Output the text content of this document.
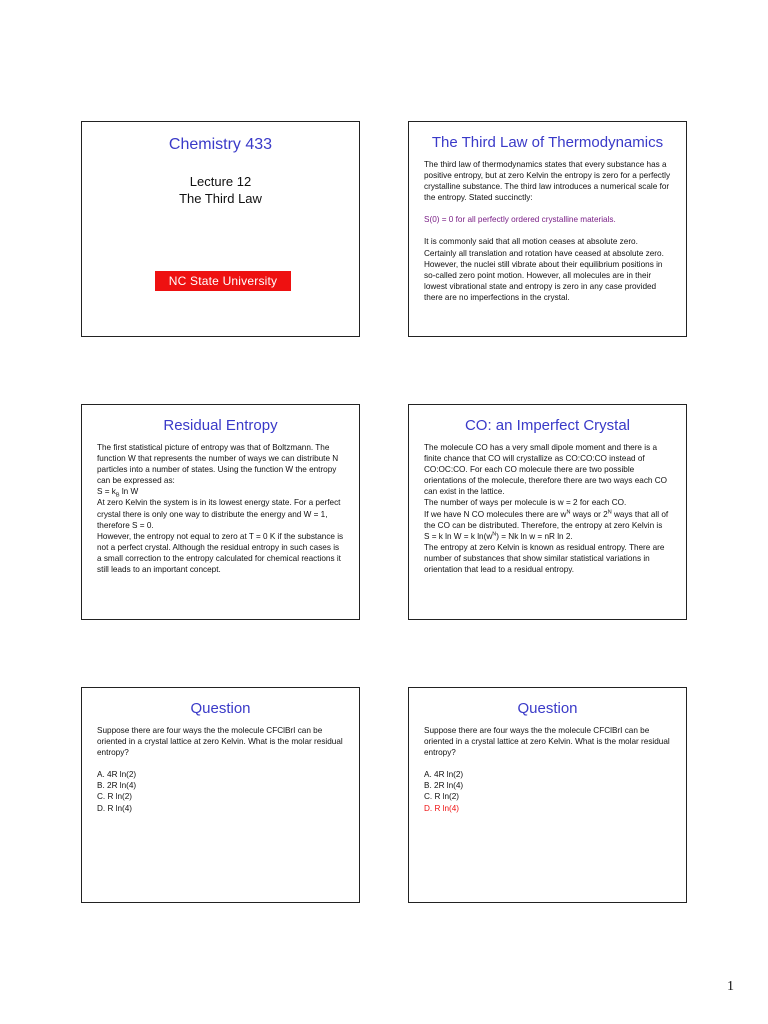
Chemistry 433
Lecture 12
The Third Law
NC State University
The Third Law of Thermodynamics

The third law of thermodynamics states that every substance has a positive entropy, but at zero Kelvin the entropy is zero for a perfectly crystalline substance. The third law introduces a numerical scale for the entropy. Stated succinctly:

S(0) = 0 for all perfectly ordered crystalline materials.

It is commonly said that all motion ceases at absolute zero. Certainly all translation and rotation have ceased at absolute zero. However, the nuclei still vibrate about their equilibrium positions in so-called zero point motion. However, all molecules are in their lowest vibrational state and entropy is zero in any case provided there are no imperfections in the crystal.

Residual Entropy

The first statistical picture of entropy was that of Boltzmann. The function W that represents the number of ways we can distribute N particles into a number of states. Using the function W the entropy can be expressed as:

$S = k_B$ ln W

At zero Kelvin the system is in its lowest energy state. For a perfect crystal there is only one way to distribute the energy and W = 1, therefore S = 0.

However, the entropy not equal to zero at T = 0 K if the substance is not a perfect crystal. Although the residual entropy in such cases is a small correction to the entropy calculated for chemical reactions it still leads to an important concept.

CO: an Imperfect Crystal

The molecule CO has a very small dipole moment and there is a finite chance that CO will crystallize as CO:CO:CO instead of CO:OC:CO. For each CO molecule there are two possible orientations of the molecule, therefore there are two ways each CO can exist in the lattice.

The number of ways per molecule is w = 2 for each CO.

If we have N CO molecules there are $w^N$ ways or $2^N$ ways that all of the CO can be distributed. Therefore, the entropy at zero Kelvin is

S = k ln W = k $\ln(w^N) = Nk$ ln w = nR ln 2.

The entropy at zero Kelvin is known as residual entropy. There are number of substances that show similar statistical variations in orientation that lead to a residual entropy.

Question

Suppose there are four ways the the molecule CFClBrI can be oriented in a crystal lattice at zero Kelvin. What is the molar residual entropy?

A. 4R ln(2)

B. 2R ln(4)

C. R ln(2)

D. R ln(4)

Question

Suppose there are four ways the the molecule CFClBrI can be oriented in a crystal lattice at zero Kelvin. What is the molar residual entropy?

A. 4R ln(2)

B. 2R ln(4)

C. R ln(2)

D. R ln(4)

1
